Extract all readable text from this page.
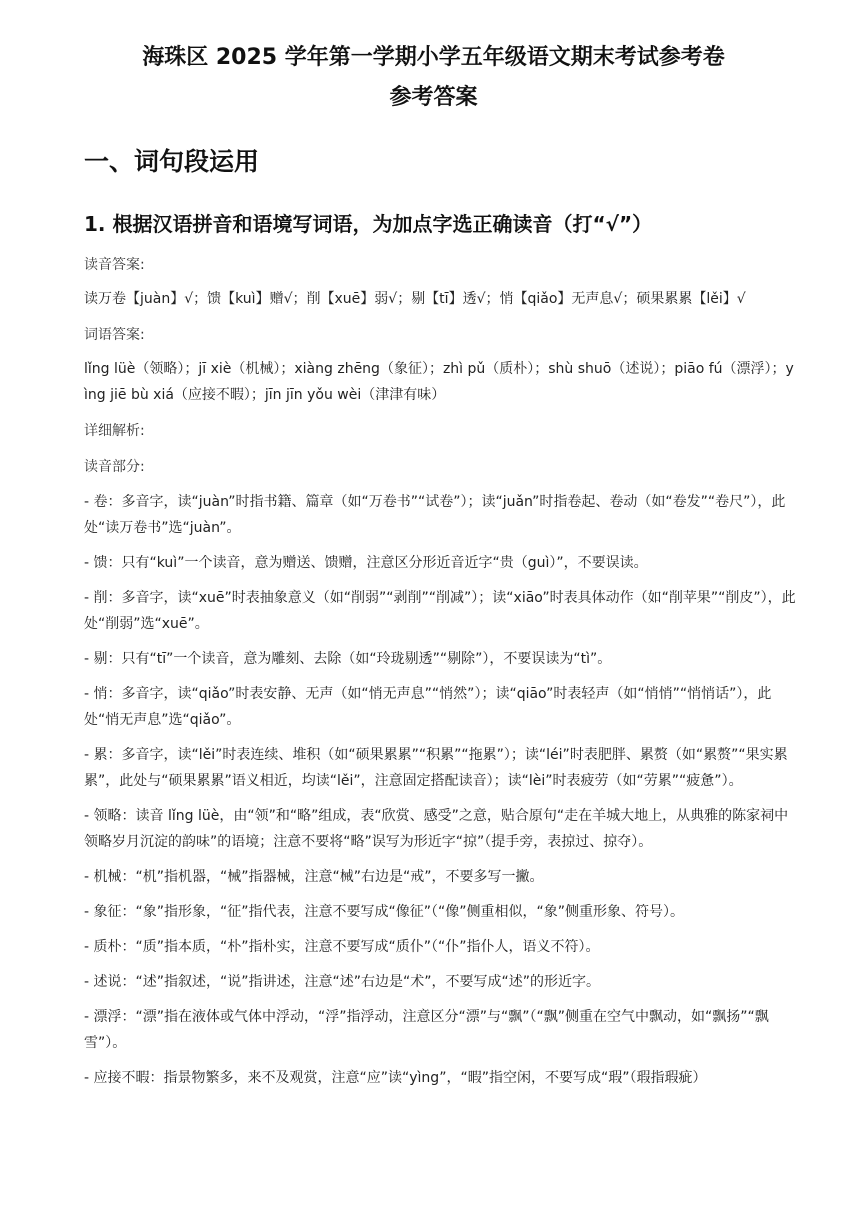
海珠区 2025 学年第一学期小学五年级语文期末考试参考卷
参考答案
一、词句段运用
1. 根据汉语拼音和语境写词语，为加点字选正确读音（打“√”）
读音答案:
读万卷【juàn】√；馈【kuì】赠√；削【xuē】弱√；剔【tī】透√；悄【qiǎo】无声息√；硕果累累【lěi】√
词语答案:
lǐng lüè（领略）；jī xiè（机械）；xiàng zhēng（象征）；zhì pǔ（质朴）；shù shuō（述说）；piāo fú（漂浮）；yìng jiē bù xiá（应接不暇）；jīn jīn yǒu wèi（津津有味）
详细解析:
读音部分:
- 卷：多音字，读“juàn”时指书籍、篇章（如“万卷书”“试卷”）；读“juǎn”时指卷起、卷动（如“卷发”“卷尺”），此处“读万卷书”选“juàn”。
- 馈：只有“kuì”一个读音，意为赠送、馈赠，注意区分形近音近字“贵（guì）”，不要误读。
- 削：多音字，读“xuē”时表抽象意义（如“削弱”“剥削”“削减”）；读“xiāo”时表具体动作（如“削苹果”“削皮”），此处“削弱”选“xuē”。
- 剔：只有“tī”一个读音，意为雕刻、去除（如“玲珑剔透”“剔除”），不要误读为“tì”。
- 悄：多音字，读“qiǎo”时表安静、无声（如“悄无声息”“悄然”）；读“qiāo”时表轻声（如“悄悄”“悄悄话”），此处“悄无声息”选“qiǎo”。
- 累：多音字，读“lěi”时表连续、堆积（如“硕果累累”“积累”“拖累”）；读“léi”时表肥胖、累赘（如“累赘”“果实累累”，此处与“硕果累累”语义相近，均读“lěi”，注意固定搭配读音）；读“lèi”时表疲劳（如“劳累”“疲惫”）。
- 领略：读音 lǐng lüè，由“领”和“略”组成，表“欣赏、感受”之意，贴合原句“走在羊城大地上，从典雅的陈家祠中领略岁月沉淀的韵味”的语境；注意不要将“略”误写为形近字“掠”（提手旁，表掠过、掠夺）。
- 机械：“机”指机器，“械”指器械，注意“械”右边是“戒”，不要多写一撇。
- 象征：“象”指形象，“征”指代表，注意不要写成“像征”（“像”侧重相似，“象”侧重形象、符号）。
- 质朴：“质”指本质，“朴”指朴实，注意不要写成“质仆”（“仆”指仆人，语义不符）。
- 述说：“述”指叙述，“说”指讲述，注意“述”右边是“术”，不要写成“述”的形近字。
- 漂浮：“漂”指在液体或气体中浮动，“浮”指浮动，注意区分“漂”与“飘”（“飘”侧重在空气中飘动，如“飘扬”“飘雪”）。
- 应接不暇：指景物繁多，来不及观赏，注意“应”读“yìng”，“暇”指空闲，不要写成“瑕”（瑕指瑕疵）
